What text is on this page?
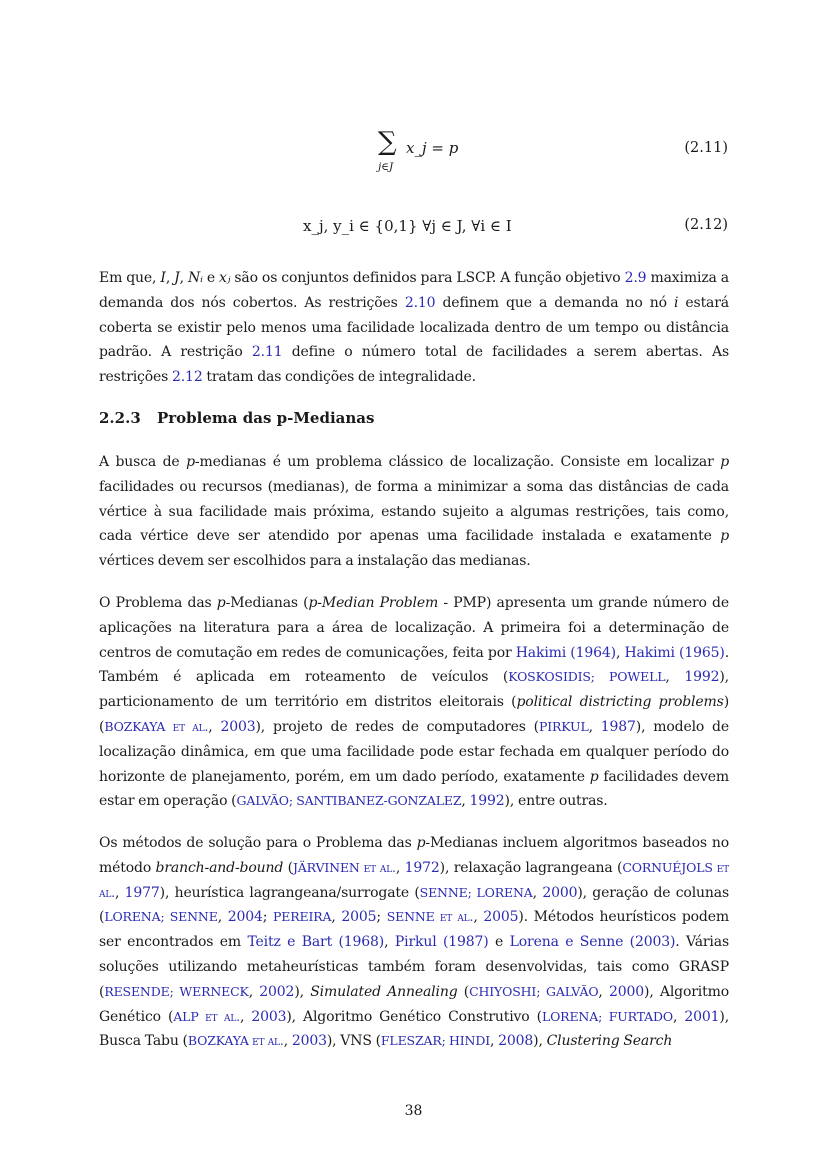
∑
j∈J
x_j = p	(2.11)
x_j, y_i ∈ {0,1} ∀j ∈ J, ∀i ∈ I	(2.12)

Em que, I, J, Nᵢ e xⱼ são os conjuntos definidos para LSCP. A função objetivo 2.9 maximiza a demanda dos nós cobertos. As restrições 2.10 definem que a demanda no nó i estará coberta se existir pelo menos uma facilidade localizada dentro de um tempo ou distância padrão. A restrição 2.11 define o número total de facilidades a serem abertas. As restrições 2.12 tratam das condições de integralidade.

2.2.3 Problema das p-Medianas

A busca de p-medianas é um problema clássico de localização. Consiste em localizar p facilidades ou recursos (medianas), de forma a minimizar a soma das distâncias de cada vértice à sua facilidade mais próxima, estando sujeito a algumas restrições, tais como, cada vértice deve ser atendido por apenas uma facilidade instalada e exatamente p vértices devem ser escolhidos para a instalação das medianas.

O Problema das p-Medianas (p-Median Problem - PMP) apresenta um grande número de aplicações na literatura para a área de localização. A primeira foi a determinação de centros de comutação em redes de comunicações, feita por Hakimi (1964), Hakimi (1965). Também é aplicada em roteamento de veículos (KOSKOSIDIS; POWELL, 1992), particionamento de um território em distritos eleitorais (political districting problems) (BOZKAYA et al., 2003), projeto de redes de computadores (PIRKUL, 1987), modelo de localização dinâmica, em que uma facilidade pode estar fechada em qualquer período do horizonte de planejamento, porém, em um dado período, exatamente p facilidades devem estar em operação (GALVÃO; SANTIBANEZ-GONZALEZ, 1992), entre outras.

Os métodos de solução para o Problema das p-Medianas incluem algoritmos baseados no método branch-and-bound (JÄRVINEN et al., 1972), relaxação lagrangeana (CORNUÉJOLS et al., 1977), heurística lagrangeana/surrogate (SENNE; LORENA, 2000), geração de colunas (LORENA; SENNE, 2004; PEREIRA, 2005; SENNE et al., 2005). Métodos heurísticos podem ser encontrados em Teitz e Bart (1968), Pirkul (1987) e Lorena e Senne (2003). Várias soluções utilizando metaheurísticas também foram desenvolvidas, tais como GRASP (RESENDE; WERNECK, 2002), Simulated Annealing (CHIYOSHI; GALVÃO, 2000), Algoritmo Genético (ALP et al., 2003), Algoritmo Genético Construtivo (LORENA; FURTADO, 2001), Busca Tabu (BOZKAYA et al., 2003), VNS (FLESZAR; HINDI, 2008), Clustering Search

38
